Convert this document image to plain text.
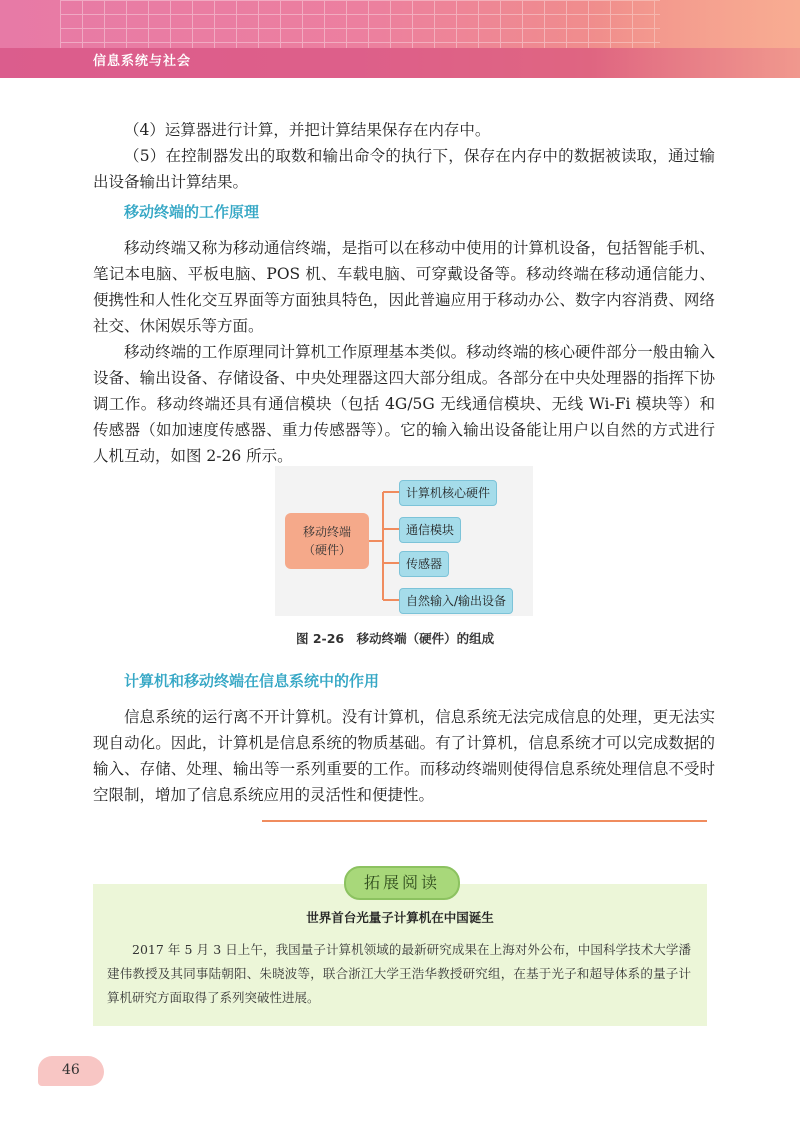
信息系统与社会

（4）运算器进行计算，并把计算结果保存在内存中。

（5）在控制器发出的取数和输出命令的执行下，保存在内存中的数据被读取，通过输出设备输出计算结果。

移动终端的工作原理

移动终端又称为移动通信终端，是指可以在移动中使用的计算机设备，包括智能手机、笔记本电脑、平板电脑、POS 机、车载电脑、可穿戴设备等。移动终端在移动通信能力、便携性和人性化交互界面等方面独具特色，因此普遍应用于移动办公、数字内容消费、网络社交、休闲娱乐等方面。

移动终端的工作原理同计算机工作原理基本类似。移动终端的核心硬件部分一般由输入设备、输出设备、存储设备、中央处理器这四大部分组成。各部分在中央处理器的指挥下协调工作。移动终端还具有通信模块（包括 4G/5G 无线通信模块、无线 Wi-Fi 模块等）和传感器（如加速度传感器、重力传感器等）。它的输入输出设备能让用户以自然的方式进行人机互动，如图 2-26 所示。

移动终端
（硬件）
计算机核心硬件
通信模块
传感器
自然输入/输出设备
图 2-26　移动终端（硬件）的组成
计算机和移动终端在信息系统中的作用

信息系统的运行离不开计算机。没有计算机，信息系统无法完成信息的处理，更无法实现自动化。因此，计算机是信息系统的物质基础。有了计算机，信息系统才可以完成数据的输入、存储、处理、输出等一系列重要的工作。而移动终端则使得信息系统处理信息不受时空限制，增加了信息系统应用的灵活性和便捷性。

世界首台光量子计算机在中国诞生

2017 年 5 月 3 日上午，我国量子计算机领域的最新研究成果在上海对外公布，中国科学技术大学潘建伟教授及其同事陆朝阳、朱晓波等，联合浙江大学王浩华教授研究组，在基于光子和超导体系的量子计算机研究方面取得了系列突破性进展。

拓展阅读
46
